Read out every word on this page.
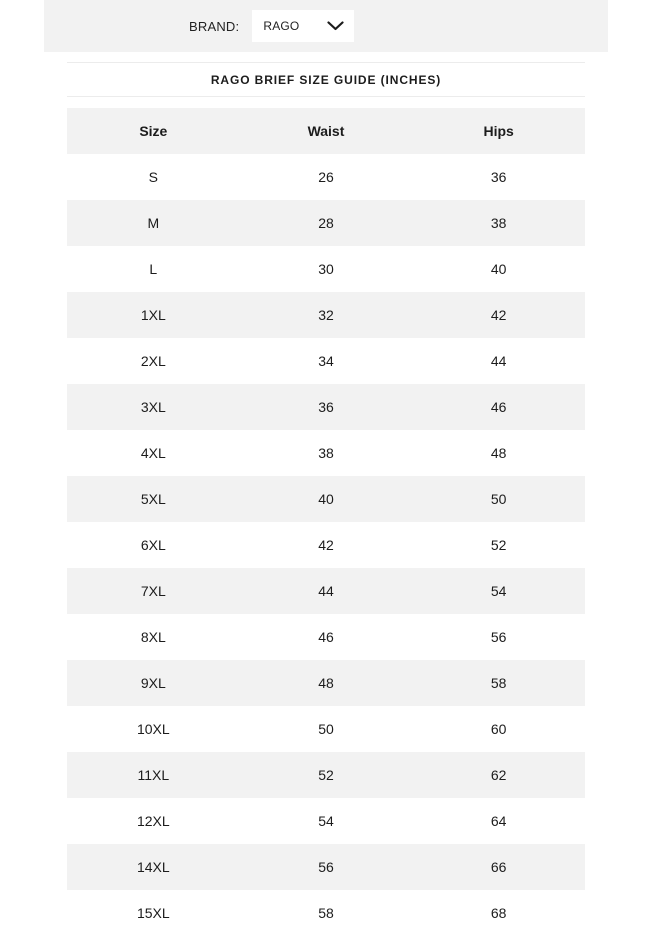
BRAND: RAGO
RAGO BRIEF SIZE GUIDE (INCHES)
Size	Waist	Hips
S	26	36
M	28	38
L	30	40
1XL	32	42
2XL	34	44
3XL	36	46
4XL	38	48
5XL	40	50
6XL	42	52
7XL	44	54
8XL	46	56
9XL	48	58
10XL	50	60
11XL	52	62
12XL	54	64
14XL	56	66
15XL	58	68
